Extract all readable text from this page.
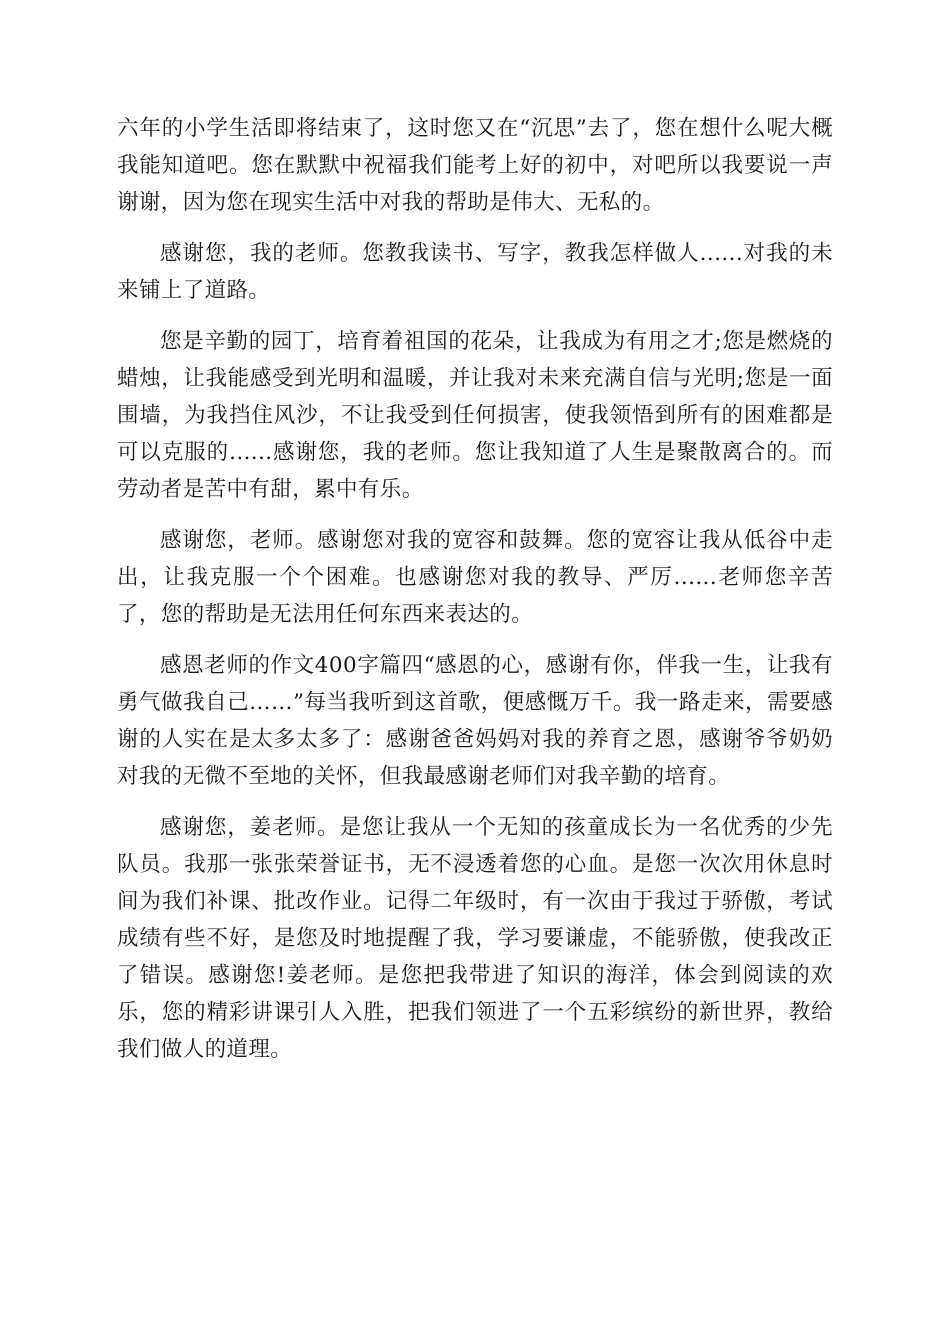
六年的小学生活即将结束了，这时您又在“沉思”去了，您在想什么呢大概我能知道吧。您在默默中祝福我们能考上好的初中，对吧所以我要说一声谢谢，因为您在现实生活中对我的帮助是伟大、无私的。

感谢您，我的老师。您教我读书、写字，教我怎样做人......对我的未来铺上了道路。

您是辛勤的园丁，培育着祖国的花朵，让我成为有用之才;您是燃烧的蜡烛，让我能感受到光明和温暖，并让我对未来充满自信与光明;您是一面围墙，为我挡住风沙，不让我受到任何损害，使我领悟到所有的困难都是可以克服的......感谢您，我的老师。您让我知道了人生是聚散离合的。而劳动者是苦中有甜，累中有乐。

感谢您，老师。感谢您对我的宽容和鼓舞。您的宽容让我从低谷中走出，让我克服一个个困难。也感谢您对我的教导、严厉......老师您辛苦了，您的帮助是无法用任何东西来表达的。

感恩老师的作文400字篇四“感恩的心，感谢有你，伴我一生，让我有勇气做我自己……”每当我听到这首歌，便感慨万千。我一路走来，需要感谢的人实在是太多太多了：感谢爸爸妈妈对我的养育之恩，感谢爷爷奶奶对我的无微不至地的关怀，但我最感谢老师们对我辛勤的培育。

感谢您，姜老师。是您让我从一个无知的孩童成长为一名优秀的少先队员。我那一张张荣誉证书，无不浸透着您的心血。是您一次次用休息时间为我们补课、批改作业。记得二年级时，有一次由于我过于骄傲，考试成绩有些不好，是您及时地提醒了我，学习要谦虚，不能骄傲，使我改正了错误。感谢您!姜老师。是您把我带进了知识的海洋，体会到阅读的欢乐，您的精彩讲课引人入胜，把我们领进了一个五彩缤纷的新世界，教给我们做人的道理。
